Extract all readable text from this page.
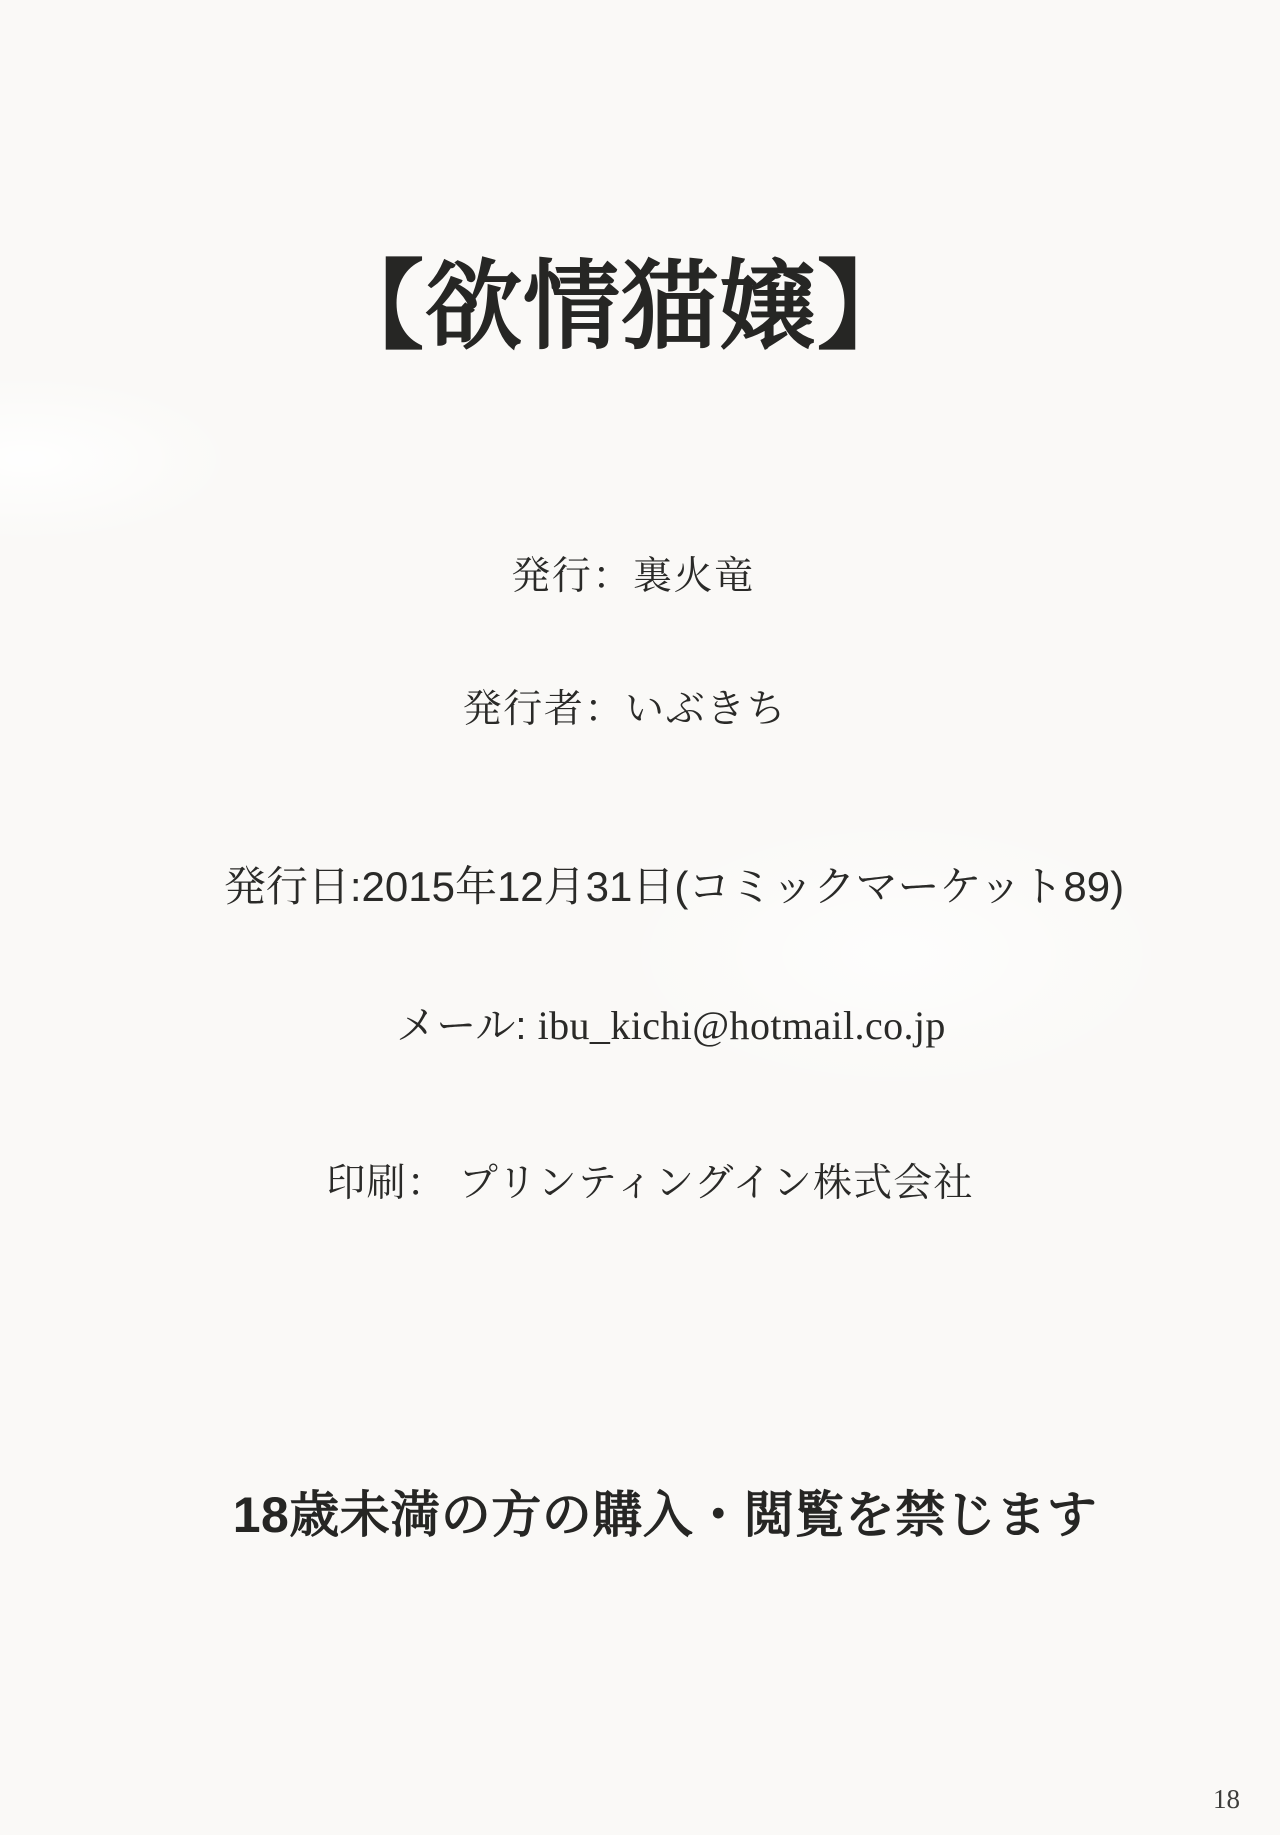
【欲情猫嬢】
発行：裏火竜
発行者：いぶきち
発行日:2015年12月31日(コミックマーケット89)
メール: ibu_kichi@hotmail.co.jp
印刷： プリンティングイン株式会社
18歳未満の方の購入・閲覧を禁じます
18
